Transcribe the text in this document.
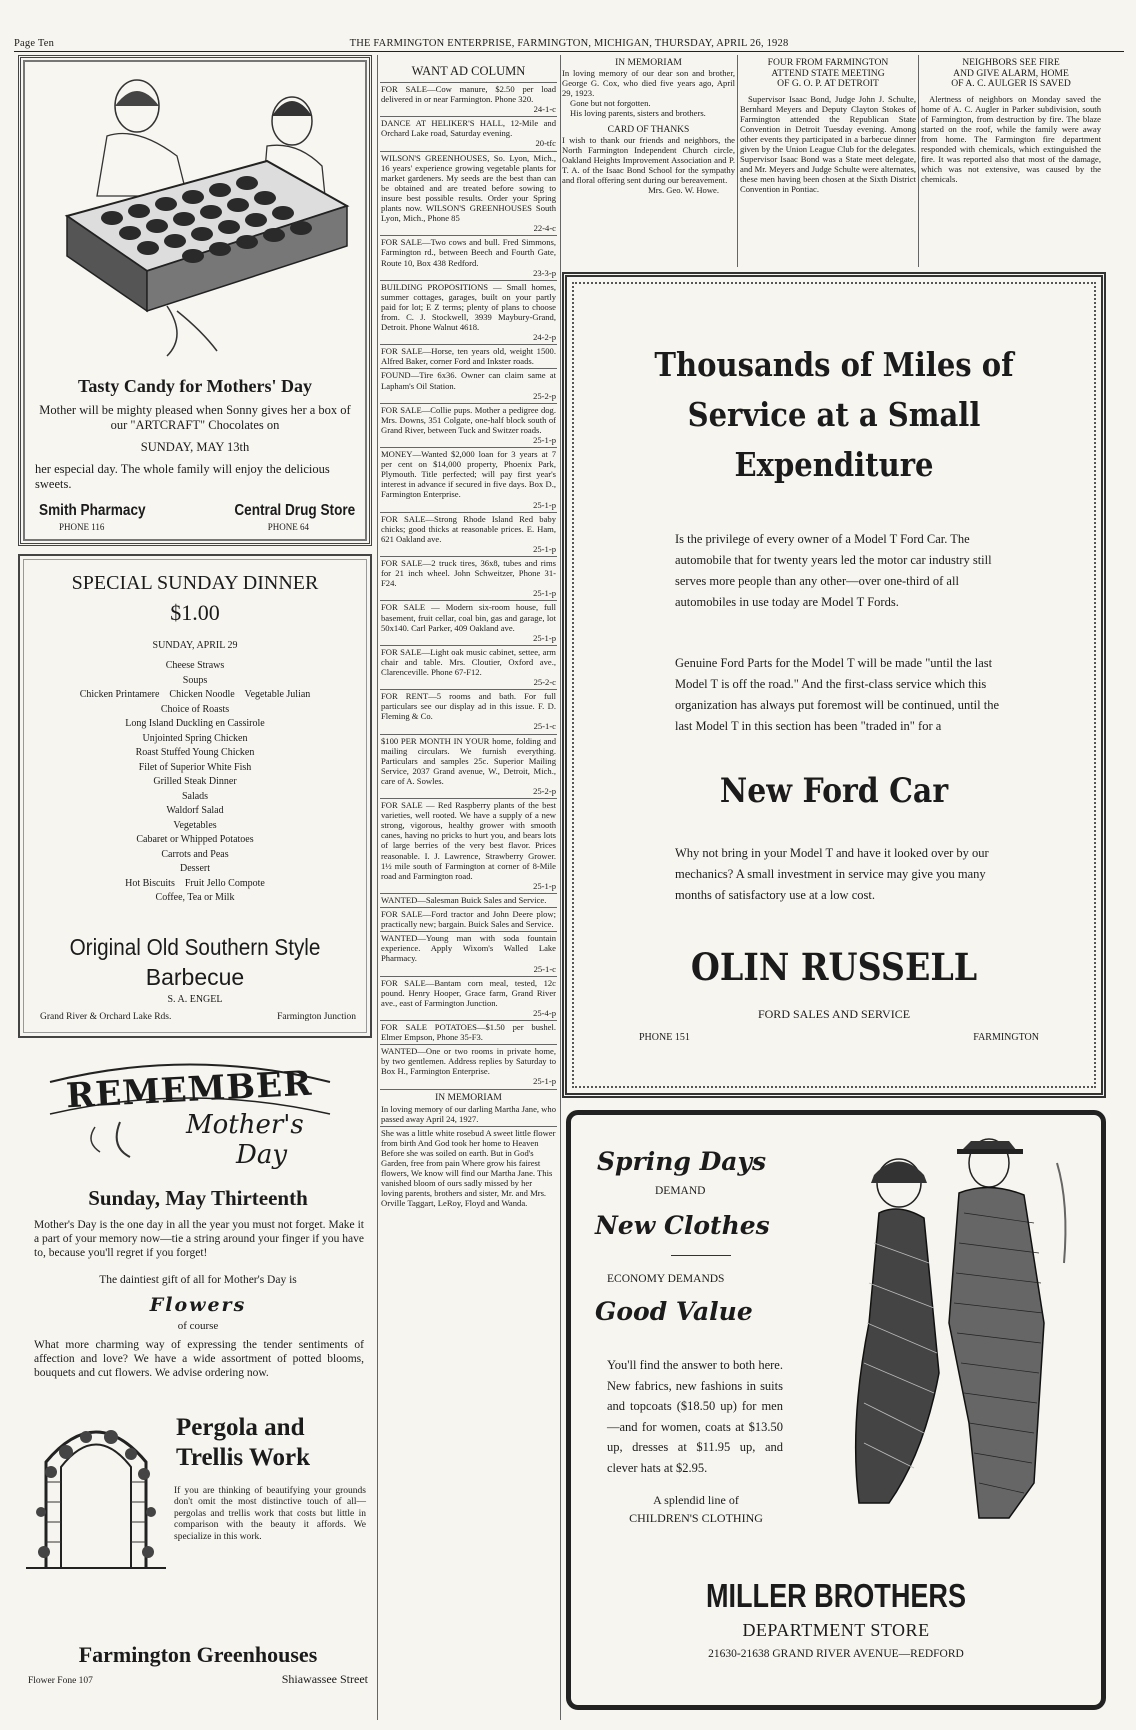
Page Ten	THE FARMINGTON ENTERPRISE, FARMINGTON, MICHIGAN, THURSDAY, APRIL 26, 1928
Tasty Candy for Mothers' Day
Mother will be mighty pleased when Sonny gives her a box of our "ARTCRAFT" Chocolates on
SUNDAY, MAY 13th
her especial day. The whole family will enjoy the delicious sweets.
Smith Pharmacy
PHONE 116
Central Drug Store
PHONE 64
SPECIAL SUNDAY DINNER
$1.00
SUNDAY, APRIL 29
Cheese Straws
Soups
Chicken Printamere    Chicken Noodle    Vegetable Julian
Choice of Roasts
Long Island Duckling en Cassirole
Unjointed Spring Chicken
Roast Stuffed Young Chicken
Filet of Superior White Fish
Grilled Steak Dinner
Salads
Waldorf Salad
Vegetables
Cabaret or Whipped Potatoes
Carrots and Peas
Dessert
Hot Biscuits    Fruit Jello Compote
Coffee, Tea or Milk
Original Old Southern Style
Barbecue
S. A. ENGEL
Grand River & Orchard Lake Rds.	Farmington Junction
REMEMBER
Mother's
Day
Sunday, May Thirteenth
Mother's Day is the one day in all the year you must not forget. Make it a part of your memory now—tie a string around your finger if you have to, because you'll regret if you forget!
The daintiest gift of all for Mother's Day is
Flowers
of course
What more charming way of expressing the tender sentiments of affection and love? We have a wide assortment of potted blooms, bouquets and cut flowers. We advise ordering now.
Pergola and
Trellis Work
If you are thinking of beautifying your grounds don't omit the most distinctive touch of all—pergolas and trellis work that costs but little in comparison with the beauty it affords. We specialize in this work.
Farmington Greenhouses
Flower Fone 107	Shiawassee Street
WANT AD COLUMN
FOR SALE—Cow manure, $2.50 per load delivered in or near Farmington. Phone 320.
24-1-c
DANCE AT HELIKER'S HALL, 12-Mile and Orchard Lake road, Saturday evening.
20-tfc
WILSON'S GREENHOUSES, So. Lyon, Mich., 16 years' experience growing vegetable plants for market gardeners. My seeds are the best than can be obtained and are treated before sowing to insure best possible results. Order your Spring plants now. WILSON'S GREENHOUSES South Lyon, Mich., Phone 85
22-4-c
FOR SALE—Two cows and bull. Fred Simmons, Farmington rd., between Beech and Fourth Gate, Route 10, Box 438 Redford.
23-3-p
BUILDING PROPOSITIONS — Small homes, summer cottages, garages, built on your partly paid for lot; E Z terms; plenty of plans to choose from. C. J. Stockwell, 3939 Maybury-Grand, Detroit. Phone Walnut 4618.
24-2-p
FOR SALE—Horse, ten years old, weight 1500. Alfred Baker, corner Ford and Inkster roads.
FOUND—Tire 6x36. Owner can claim same at Lapham's Oil Station.
25-2-p
FOR SALE—Collie pups. Mother a pedigree dog. Mrs. Downs, 351 Colgate, one-half block south of Grand River, between Tuck and Switzer roads.
25-1-p
MONEY—Wanted $2,000 loan for 3 years at 7 per cent on $14,000 property, Phoenix Park, Plymouth. Title perfected; will pay first year's interest in advance if secured in five days. Box D., Farmington Enterprise.
25-1-p
FOR SALE—Strong Rhode Island Red baby chicks; good thicks at reasonable prices. E. Ham, 621 Oakland ave.
25-1-p
FOR SALE—2 truck tires, 36x8, tubes and rims for 21 inch wheel. John Schweitzer, Phone 31-F24.
25-1-p
FOR SALE — Modern six-room house, full basement, fruit cellar, coal bin, gas and garage, lot 50x140. Carl Parker, 409 Oakland ave.
25-1-p
FOR SALE—Light oak music cabinet, settee, arm chair and table. Mrs. Cloutier, Oxford ave., Clarenceville. Phone 67-F12.
25-2-c
FOR RENT—5 rooms and bath. For full particulars see our display ad in this issue. F. D. Fleming & Co.
25-1-c
$100 PER MONTH IN YOUR home, folding and mailing circulars. We furnish everything. Particulars and samples 25c. Superior Mailing Service, 2037 Grand avenue, W., Detroit, Mich., care of A. Sowles.
25-2-p
FOR SALE — Red Raspberry plants of the best varieties, well rooted. We have a supply of a new strong, vigorous, healthy grower with smooth canes, having no pricks to hurt you, and bears lots of large berries of the very best flavor. Prices reasonable. I. J. Lawrence, Strawberry Grower. 1½ mile south of Farmington at corner of 8-Mile road and Farmington road.
25-1-p
WANTED—Salesman Buick Sales and Service.
FOR SALE—Ford tractor and John Deere plow; practically new; bargain. Buick Sales and Service.
WANTED—Young man with soda fountain experience. Apply Wixom's Walled Lake Pharmacy.
25-1-c
FOR SALE—Bantam corn meal, tested, 12c pound. Henry Hooper, Grace farm, Grand River ave., east of Farmington Junction.
25-4-p
FOR SALE POTATOES—$1.50 per bushel. Elmer Empson, Phone 35-F3.
WANTED—One or two rooms in private home, by two gentlemen. Address replies by Saturday to Box H., Farmington Enterprise.
25-1-p
IN MEMORIAM
In loving memory of our darling Martha Jane, who passed away April 24, 1927.
She was a little white rosebud A sweet little flower from birth And God took her home to Heaven Before she was soiled on earth. But in God's Garden, free from pain Where grow his fairest flowers, We know will find our Martha Jane. This vanished bloom of ours sadly missed by her loving parents, brothers and sister, Mr. and Mrs. Orville Taggart, LeRoy, Floyd and Wanda.
IN MEMORIAM
In loving memory of our dear son and brother, George G. Cox, who died five years ago, April 29, 1923.
Gone but not forgotten.
His loving parents, sisters and brothers.
CARD OF THANKS
I wish to thank our friends and neighbors, the North Farmington Independent Church circle, Oakland Heights Improvement Association and P. T. A. of the Isaac Bond School for the sympathy and floral offering sent during our bereavement.
Mrs. Geo. W. Howe.
FOUR FROM FARMINGTON
ATTEND STATE MEETING
OF G. O. P. AT DETROIT
Supervisor Isaac Bond, Judge John J. Schulte, Bernhard Meyers and Deputy Clayton Stokes of Farmington attended the Republican State Convention in Detroit Tuesday evening. Among other events they participated in a barbecue dinner given by the Union League Club for the delegates. Supervisor Isaac Bond was a State meet delegate, and Mr. Meyers and Judge Schulte were alternates, these men having been chosen at the Sixth District Convention in Pontiac.
NEIGHBORS SEE FIRE
AND GIVE ALARM, HOME
OF A. C. AULGER IS SAVED
Alertness of neighbors on Monday saved the home of A. C. Augler in Parker subdivision, south of Farmington, from destruction by fire. The blaze started on the roof, while the family were away from home. The Farmington fire department responded with chemicals, which extinguished the fire. It was reported also that most of the damage, which was not extensive, was caused by the chemicals.
Thousands of Miles of
Service at a Small
Expenditure
Is the privilege of every owner of a Model T Ford Car. The automobile that for twenty years led the motor car industry still serves more people than any other—over one-third of all automobiles in use today are Model T Fords.
Genuine Ford Parts for the Model T will be made "until the last Model T is off the road." And the first-class service which this organization has always put foremost will be continued, until the last Model T in this section has been "traded in" for a
New Ford Car
Why not bring in your Model T and have it looked over by our mechanics? A small investment in service may give you many months of satisfactory use at a low cost.
OLIN RUSSELL
FORD SALES AND SERVICE
PHONE 151	FARMINGTON
Spring Days
DEMAND
New Clothes
ECONOMY DEMANDS
Good Value
You'll find the answer to both here. New fabrics, new fashions in suits and topcoats ($18.50 up) for men—and for women, coats at $13.50 up, dresses at $11.95 up, and clever hats at $2.95.
A splendid line of
CHILDREN'S CLOTHING
MILLER BROTHERS
DEPARTMENT STORE
21630-21638 GRAND RIVER AVENUE—REDFORD
